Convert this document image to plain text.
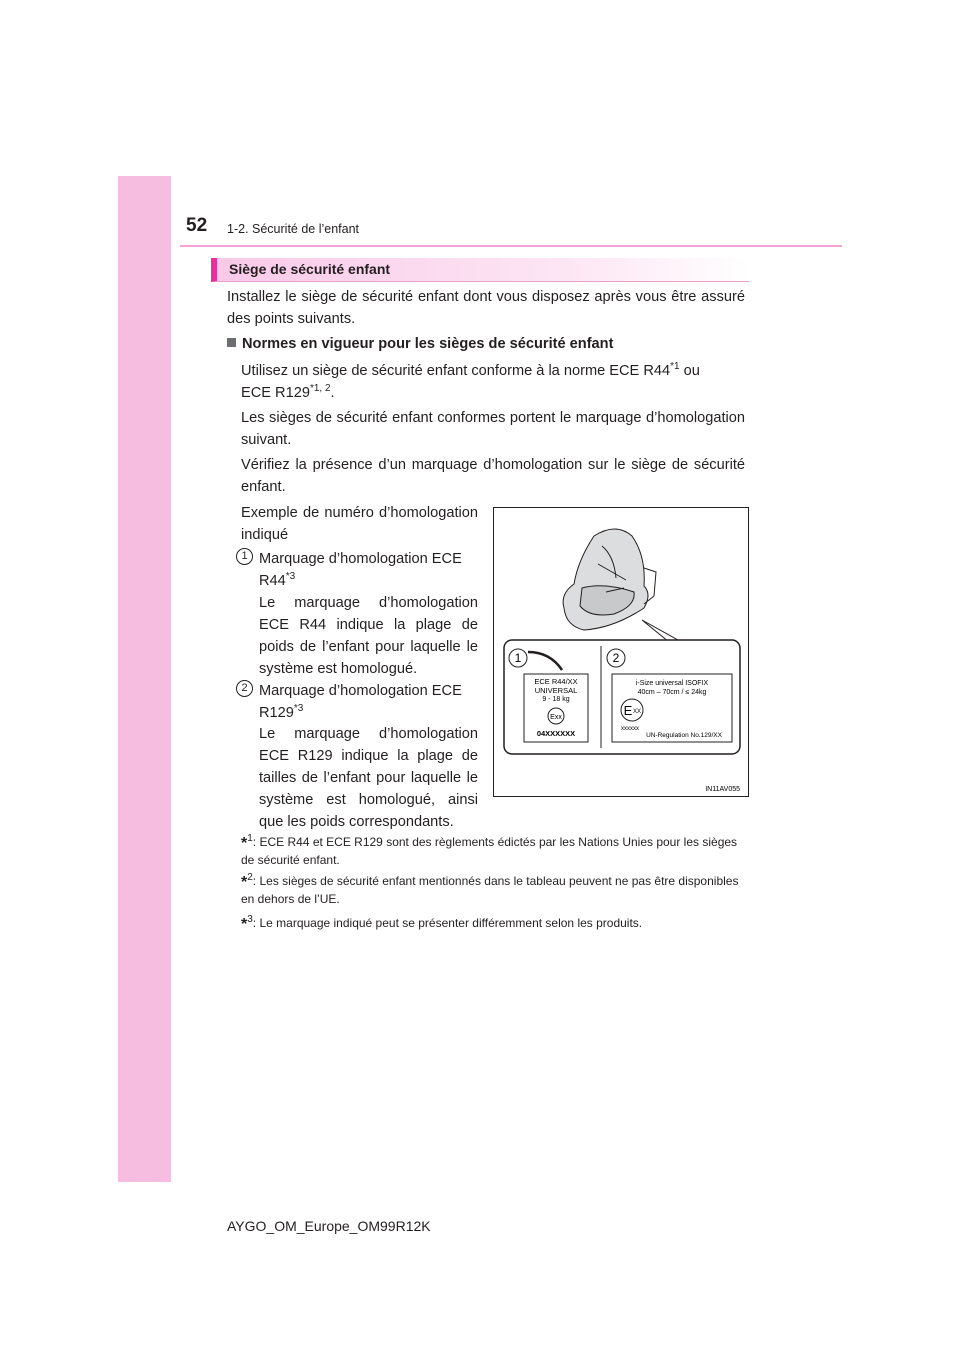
52 1-2. Sécurité de l’enfant
Siège de sécurité enfant
Installez le siège de sécurité enfant dont vous disposez après vous être assuré des points suivants.
Normes en vigueur pour les sièges de sécurité enfant
Utilisez un siège de sécurité enfant conforme à la norme ECE R44$^{*1}$ ou
ECE R129$^{*1, 2}$.
Les sièges de sécurité enfant conformes portent le marquage d’homologation suivant.
Vérifiez la présence d’un marquage d’homologation sur le siège de sécurité enfant.
Exemple de numéro d’homologation indiqué
1 Marquage d’homologation ECE
R44$^{*3}$
Le marquage d’homologation ECE R44 indique la plage de poids de l’enfant pour laquelle le système est homologué.
2 Marquage d’homologation ECE
R129$^{*3}$
Le marquage d’homologation ECE R129 indique la plage de tailles de l’enfant pour laquelle le système est homologué, ainsi que les poids correspondants.
1	2
ECE R44/XX
UNIVERSAL
9 - 18 kg
Exx
04XXXXXX
i-Size universal ISOFIX
40cm – 70cm / ≤ 24kg
E XX
xxxxxx
UN-Regulation No.129/XX
IN11AV055
*$^1$: ECE R44 et ECE R129 sont des règlements édictés par les Nations Unies pour les sièges de sécurité enfant.
*$^2$: Les sièges de sécurité enfant mentionnés dans le tableau peuvent ne pas être disponibles en dehors de l’UE.
*$^3$: Le marquage indiqué peut se présenter différemment selon les produits.
AYGO_OM_Europe_OM99R12K
